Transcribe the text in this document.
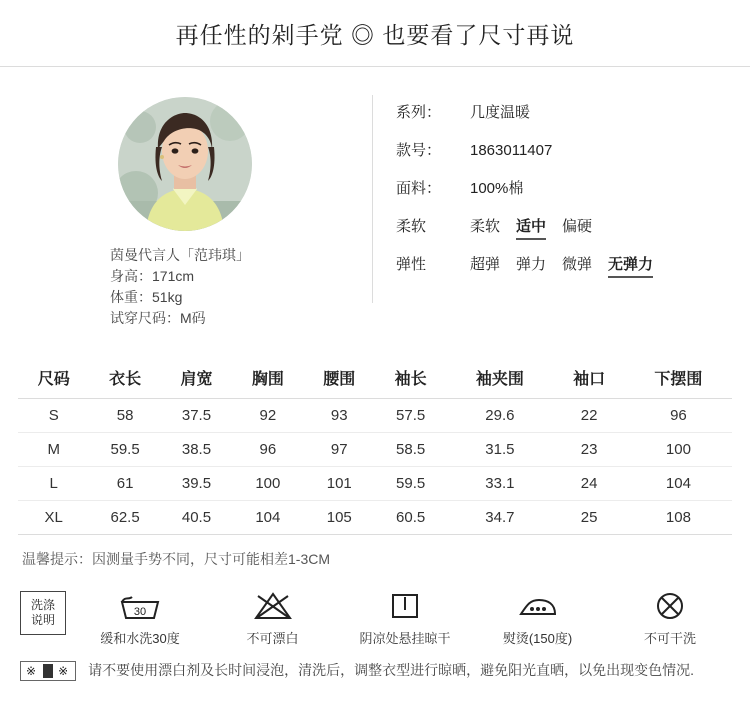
再任性的剁手党 ◎ 也要看了尺寸再说
茵曼代言人「范玮琪」
身高：171cm
体重：51kg
试穿尺码：M码
系列：	几度温暖
款号：	1863011407
面料：	100%棉
柔软	柔软 适中 偏硬
弹性	超弹 弹力 微弹 无弹力
尺码	衣长	肩宽	胸围	腰围	袖长	袖夹围	袖口	下摆围
S	58	37.5	92	93	57.5	29.6	22	96
M	59.5	38.5	96	97	58.5	31.5	23	100
L	61	39.5	100	101	59.5	33.1	24	104
XL	62.5	40.5	104	105	60.5	34.7	25	108
温馨提示：因测量手势不同，尺寸可能相差1-3CM
洗涤
说明
30
缓和水洗30度	不可漂白	阴凉处悬挂晾干	熨烫(150度)	不可干洗
※ ※	请不要使用漂白剂及长时间浸泡，清洗后，调整衣型进行晾晒，避免阳光直晒，以免出现变色情况.
